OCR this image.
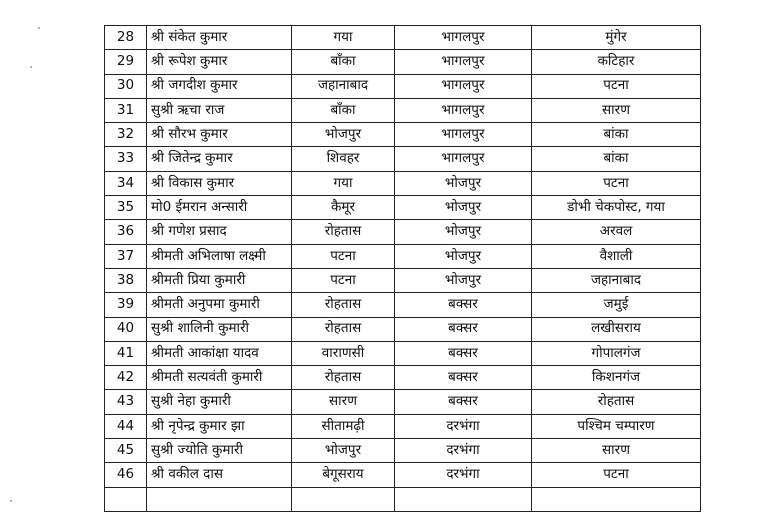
28	श्री संकेत कुमार	गया	भागलपुर	मुंगेर
29	श्री रूपेश कुमार	बाँका	भागलपुर	कटिहार
30	श्री जगदीश कुमार	जहानाबाद	भागलपुर	पटना
31	सुश्री ऋचा राज	बाँका	भागलपुर	सारण
32	श्री सौरभ कुमार	भोजपुर	भागलपुर	बांका
33	श्री जितेन्द्र कुमार	शिवहर	भागलपुर	बांका
34	श्री विकास कुमार	गया	भोजपुर	पटना
35	मो0 ईमरान अन्सारी	कैमूर	भोजपुर	डोभी चेकपोस्ट, गया
36	श्री गणेश प्रसाद	रोहतास	भोजपुर	अरवल
37	श्रीमती अभिलाषा लक्ष्मी	पटना	भोजपुर	वैशाली
38	श्रीमती प्रिया कुमारी	पटना	भोजपुर	जहानाबाद
39	श्रीमती अनुपमा कुमारी	रोहतास	बक्सर	जमुई
40	सुश्री शालिनी कुमारी	रोहतास	बक्सर	लखीसराय
41	श्रीमती आकांक्षा यादव	वाराणसी	बक्सर	गोपालगंज
42	श्रीमती सत्यवंती कुमारी	रोहतास	बक्सर	किशनगंज
43	सुश्री नेहा कुमारी	सारण	बक्सर	रोहतास
44	श्री नृपेन्द्र कुमार झा	सीतामढ़ी	दरभंगा	पश्चिम चम्पारण
45	सुश्री ज्योति कुमारी	भोजपुर	दरभंगा	सारण
46	श्री वकील दास	बेगूसराय	दरभंगा	पटना
